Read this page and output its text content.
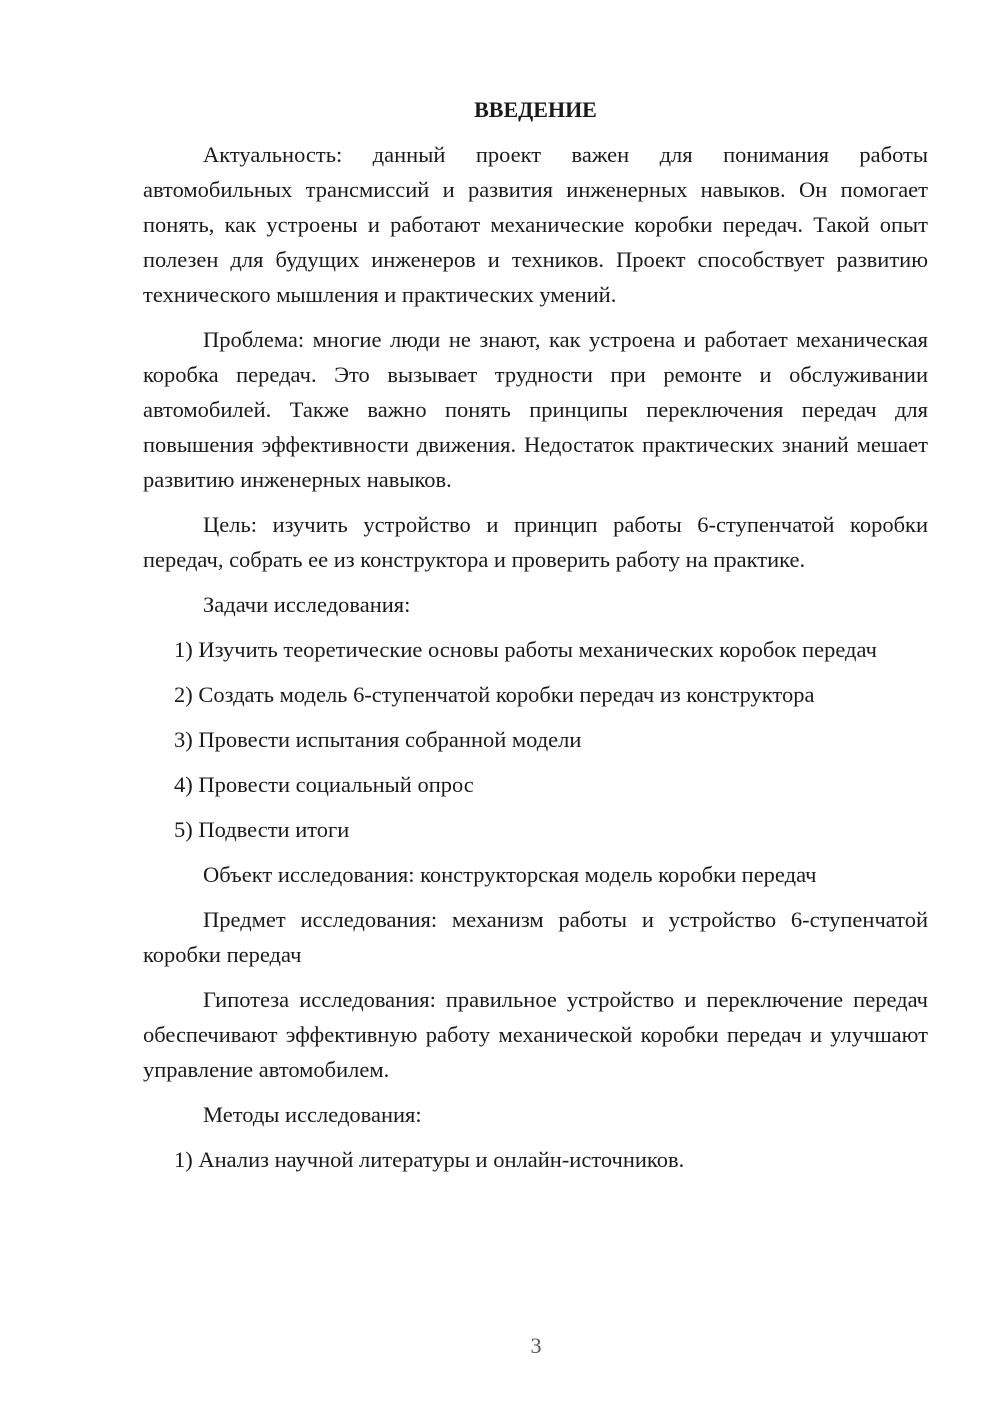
ВВЕДЕНИЕ

Актуальность: данный проект важен для понимания работы автомобильных трансмиссий и развития инженерных навыков. Он помогает понять, как устроены и работают механические коробки передач. Такой опыт полезен для будущих инженеров и техников. Проект способствует развитию технического мышления и практических умений.

Проблема: многие люди не знают, как устроена и работает механическая коробка передач. Это вызывает трудности при ремонте и обслуживании автомобилей. Также важно понять принципы переключения передач для повышения эффективности движения. Недостаток практических знаний мешает развитию инженерных навыков.

Цель: изучить устройство и принцип работы 6-ступенчатой коробки передач, собрать ее из конструктора и проверить работу на практике.

Задачи исследования:

1) Изучить теоретические основы работы механических коробок передач

2) Создать модель 6-ступенчатой коробки передач из конструктора

3) Провести испытания собранной модели

4) Провести социальный опрос

5) Подвести итоги

Объект исследования: конструкторская модель коробки передач

Предмет исследования: механизм работы и устройство 6-ступенчатой коробки передач

Гипотеза исследования: правильное устройство и переключение передач обеспечивают эффективную работу механической коробки передач и улучшают управление автомобилем.

Методы исследования:

1) Анализ научной литературы и онлайн-источников.

3
